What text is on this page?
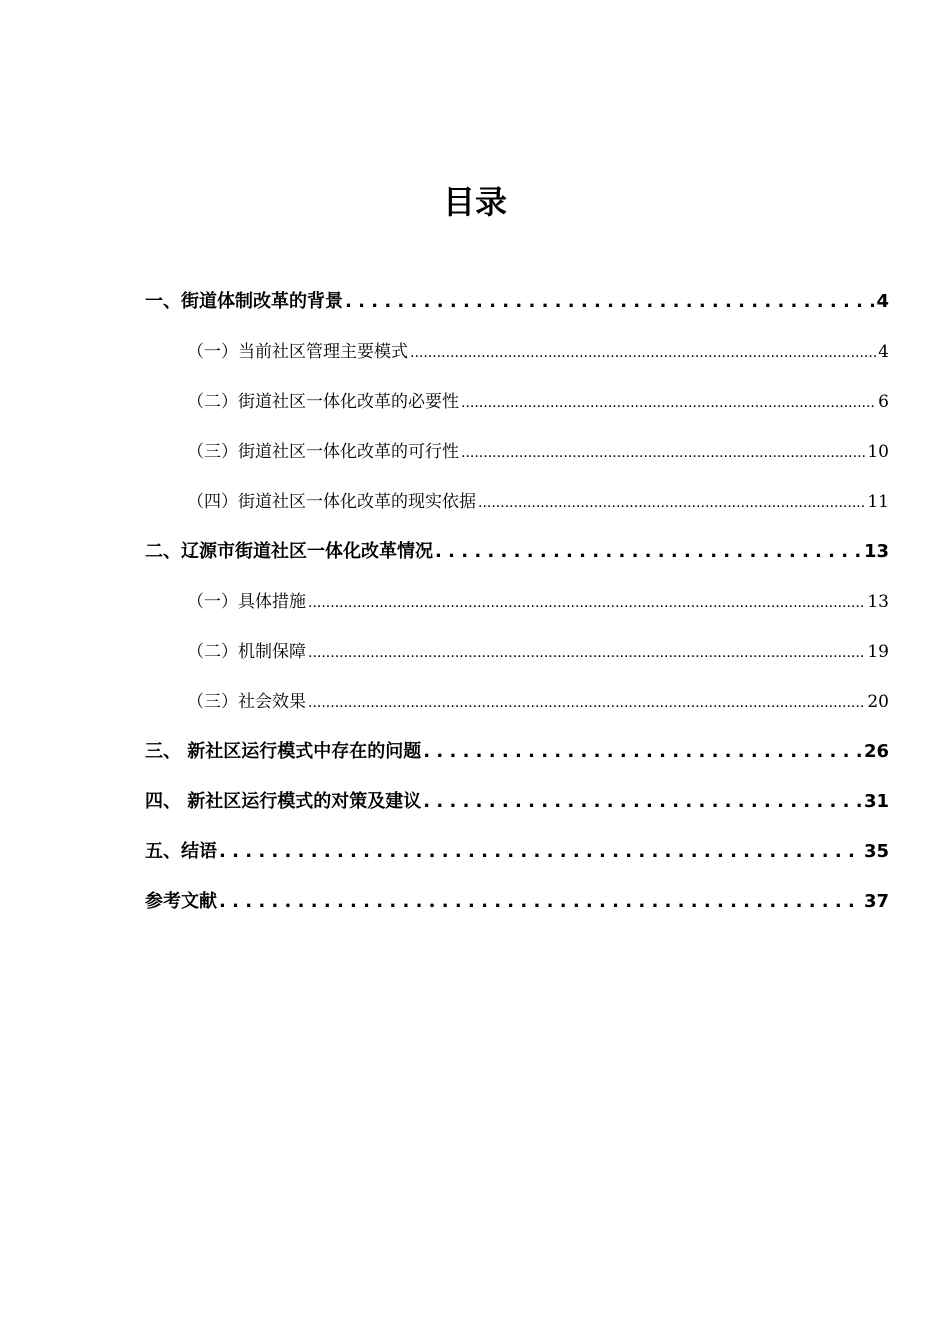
目录
一、街道体制改革的背景 . . .	4
（一）当前社区管理主要模式 .....	4
（二）街道社区一体化改革的必要性 .....	6
（三）街道社区一体化改革的可行性 .....	10
（四）街道社区一体化改革的现实依据 .....	11
二、辽源市街道社区一体化改革情况 . . .	13
（一）具体措施 .....	13
（二）机制保障 .....	19
（三）社会效果 .....	20
三、 新社区运行模式中存在的问题 . . .	26
四、 新社区运行模式的对策及建议 . . .	31
五、结语 . . .	35
参考文献 . . .	37
